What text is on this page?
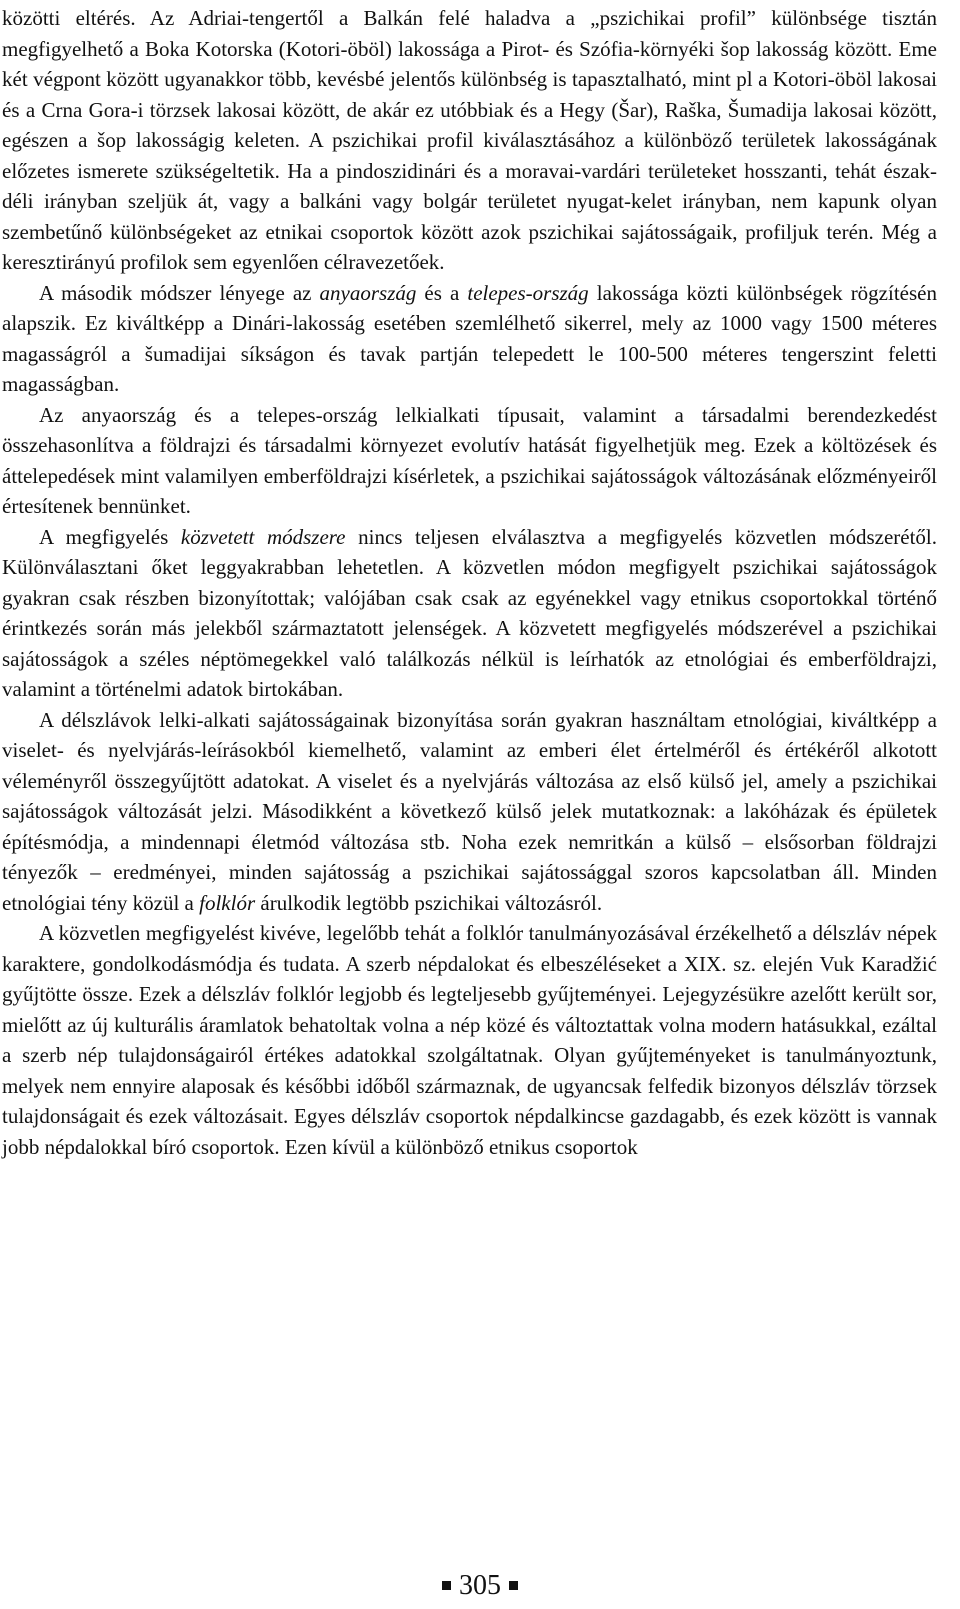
közötti eltérés. Az Adriai-tengertől a Balkán felé haladva a „pszichikai profil” különbsége tisztán megfigyelhető a Boka Kotorska (Kotori-öböl) lakossága a Pirot- és Szófia-környéki šop lakosság között. Eme két végpont között ugyanakkor több, kevésbé jelentős különbség is tapasztalható, mint pl a Kotori-öböl lakosai és a Crna Gora-i törzsek lakosai között, de akár ez utóbbiak és a Hegy (Šar), Raška, Šumadija lakosai között, egészen a šop lakosságig keleten. A pszichikai profil kiválasztásához a különböző területek lakosságának előzetes ismerete szükségeltetik. Ha a pindoszidinári és a moravai-vardári területeket hosszanti, tehát észak-déli irányban szeljük át, vagy a balkáni vagy bolgár területet nyugat-kelet irányban, nem kapunk olyan szembetűnő különbségeket az etnikai csoportok között azok pszichikai sajátosságaik, profiljuk terén. Még a keresztirányú profilok sem egyenlően célravezetőek.

A második módszer lényege az anyaország és a telepes-ország lakossága közti különbségek rögzítésén alapszik. Ez kiváltképp a Dinári-lakosság esetében szemlélhető sikerrel, mely az 1000 vagy 1500 méteres magasságról a šumadijai síkságon és tavak partján telepedett le 100-500 méteres tengerszint feletti magasságban.

Az anyaország és a telepes-ország lelkialkati típusait, valamint a társadalmi berendezkedést összehasonlítva a földrajzi és társadalmi környezet evolutív hatását figyelhetjük meg. Ezek a költözések és áttelepedések mint valamilyen emberföldrajzi kísérletek, a pszichikai sajátosságok változásának előzményeiről értesítenek bennünket.

A megfigyelés közvetett módszere nincs teljesen elválasztva a megfigyelés közvetlen módszerétől. Különválasztani őket leggyakrabban lehetetlen. A közvetlen módon megfigyelt pszichikai sajátosságok gyakran csak részben bizonyítottak; valójában csak csak az egyénekkel vagy etnikus csoportokkal történő érintkezés során más jelekből származtatott jelenségek. A közvetett megfigyelés módszerével a pszichikai sajátosságok a széles néptömegekkel való találkozás nélkül is leírhatók az etnológiai és emberföldrajzi, valamint a történelmi adatok birtokában.

A délszlávok lelki-alkati sajátosságainak bizonyítása során gyakran használtam etnológiai, kiváltképp a viselet- és nyelvjárás-leírásokból kiemelhető, valamint az emberi élet értelméről és értékéről alkotott véleményről összegyűjtött adatokat. A viselet és a nyelvjárás változása az első külső jel, amely a pszichikai sajátosságok változását jelzi. Másodikként a következő külső jelek mutatkoznak: a lakóházak és épületek építésmódja, a mindennapi életmód változása stb. Noha ezek nemritkán a külső – elsősorban földrajzi tényezők – eredményei, minden sajátosság a pszichikai sajátossággal szoros kapcsolatban áll. Minden etnológiai tény közül a folklór árulkodik legtöbb pszichikai változásról.

A közvetlen megfigyelést kivéve, legelőbb tehát a folklór tanulmányozásával érzékelhető a délszláv népek karaktere, gondolkodásmódja és tudata. A szerb népdalokat és elbeszéléseket a XIX. sz. elején Vuk Karadžić gyűjtötte össze. Ezek a délszláv folklór legjobb és legteljesebb gyűjteményei. Lejegyzésükre azelőtt került sor, mielőtt az új kulturális áramlatok behatoltak volna a nép közé és változtattak volna modern hatásukkal, ezáltal a szerb nép tulajdonságairól értékes adatokkal szolgáltatnak. Olyan gyűjteményeket is tanulmányoztunk, melyek nem ennyire alaposak és későbbi időből származnak, de ugyancsak felfedik bizonyos délszláv törzsek tulajdonságait és ezek változásait. Egyes délszláv csoportok népdalkincse gazdagabb, és ezek között is vannak jobb népdalokkal bíró csoportok. Ezen kívül a különböző etnikus csoportok

305
